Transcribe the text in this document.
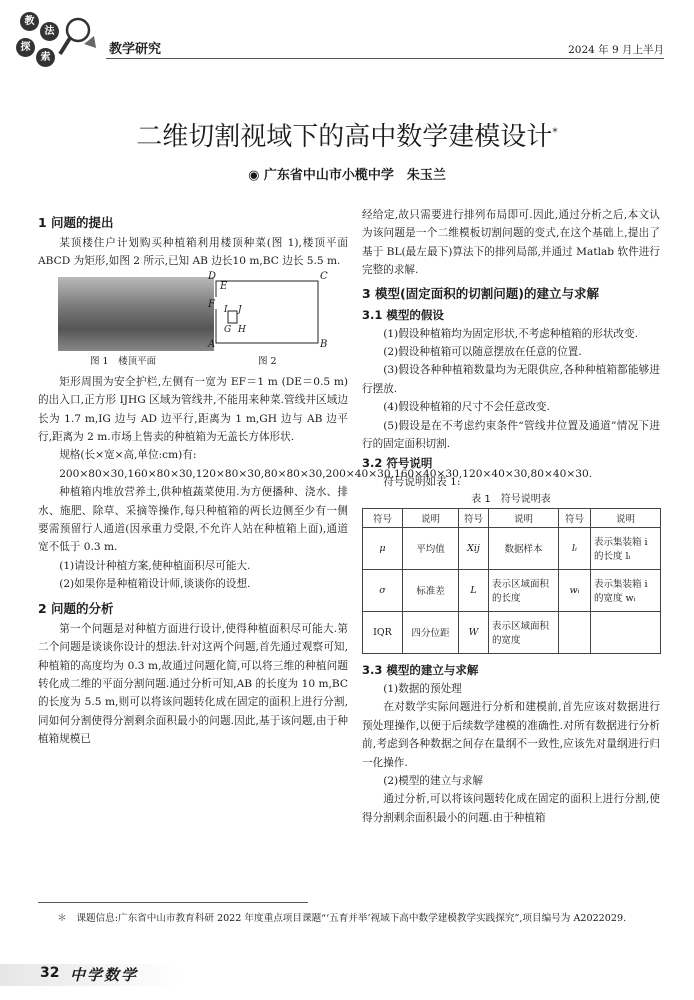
教
法
探
索
教学研究	2024 年 9 月上半月
二维切割视域下的高中数学建模设计*
◉ 广东省中山市小榄中学　朱玉兰

1 问题的提出

某顶楼住户计划购买种植箱利用楼顶种菜(图 1),楼顶平面 ABCD 为矩形,如图 2 所示,已知 AB 边长10 m,BC 边长 5.5 m.

图 1　楼顶平面
D
E
C
F I J
G H
A	B
图 2

矩形周围为安全护栏,左侧有一宽为 EF＝1 m (DE＝0.5 m)的出入口,正方形 IJHG 区域为管线井,不能用来种菜.管线井区域边长为 1.7 m,IG 边与 AD 边平行,距离为 1 m,GH 边与 AB 边平行,距离为 2 m.市场上售卖的种植箱为无盖长方体形状.

规格(长×宽×高,单位:cm)有:

200×80×30,160×80×30,120×80×30,80×80×30,200×40×30,160×40×30,120×40×30,80×40×30.

种植箱内堆放营养土,供种植蔬菜使用.为方便播种、浇水、排水、施肥、除草、采摘等操作,每只种植箱的两长边侧至少有一侧要需预留行人通道(因承重力受限,不允许人站在种植箱上面),通道宽不低于 0.3 m.

(1)请设计种植方案,使种植面积尽可能大.

(2)如果你是种植箱设计师,谈谈你的设想.

2 问题的分析

第一个问题是对种植方面进行设计,使得种植面积尽可能大.第二个问题是谈谈你设计的想法.针对这两个问题,首先通过观察可知,种植箱的高度均为 0.3 m,故通过问题化简,可以将三维的种植问题转化成二维的平面分割问题.通过分析可知,AB 的长度为 10 m,BC 的长度为 5.5 m,则可以将该问题转化成在固定的面积上进行分割,同如何分割使得分割剩余面积最小的问题.因此,基于该问题,由于种植箱规模已

经给定,故只需要进行排列布局即可.因此,通过分析之后,本文认为该问题是一个二维模板切割问题的变式,在这个基础上,提出了基于 BL(最左最下)算法下的排列局部,并通过 Matlab 软件进行完整的求解.

3 模型(固定面积的切割问题)的建立与求解

3.1 模型的假设

(1)假设种植箱均为固定形状,不考虑种植箱的形状改变.

(2)假设种植箱可以随意摆放在任意的位置.

(3)假设各种种植箱数量均为无限供应,各种种植箱都能够进行摆放.

(4)假设种植箱的尺寸不会任意改变.

(5)假设是在不考虑约束条件“管线井位置及通道”情况下进行的固定面积切割.

3.2 符号说明

符号说明如表 1:

表 1　符号说明表
符号	说明	符号	说明	符号	说明
μ	平均值	Xij	数据样本	lᵢ	表示集装箱 i 的长度 lᵢ
σ	标准差	L	表示区域面积的长度	wᵢ	表示集装箱 i 的宽度 wᵢ
IQR	四分位距	W	表示区域面积的宽度		

3.3 模型的建立与求解

(1)数据的预处理

在对数学实际问题进行分析和建模前,首先应该对数据进行预处理操作,以便于后续数学建模的准确性.对所有数据进行分析前,考虑到各种数据之间存在量纲不一致性,应该先对量纲进行归一化操作.

(2)模型的建立与求解

通过分析,可以将该问题转化成在固定的面积上进行分割,使得分割剩余面积最小的问题.由于种植箱

＊　课题信息:广东省中山市教育科研 2022 年度重点项目课题“‘五育并举’视域下高中数学建模教学实践探究”,项目编号为 A2022029.
32 中学数学
